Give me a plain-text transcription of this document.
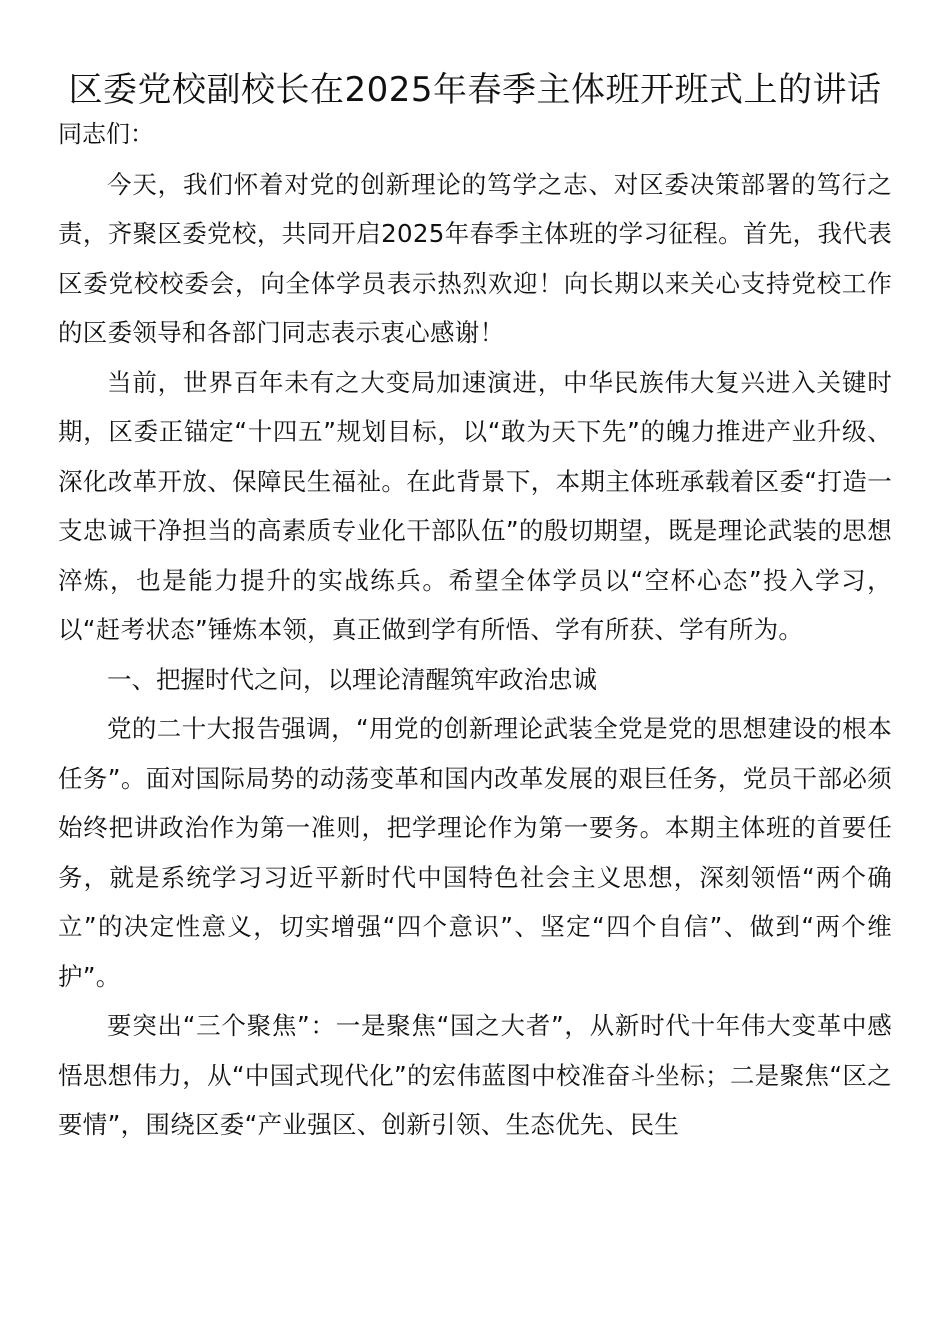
区委党校副校长在2025年春季主体班开班式上的讲话

同志们：

今天，我们怀着对党的创新理论的笃学之志、对区委决策部署的笃行之责，齐聚区委党校，共同开启2025年春季主体班的学习征程。首先，我代表区委党校校委会，向全体学员表示热烈欢迎！向长期以来关心支持党校工作的区委领导和各部门同志表示衷心感谢！

当前，世界百年未有之大变局加速演进，中华民族伟大复兴进入关键时期，区委正锚定“十四五”规划目标，以“敢为天下先”的魄力推进产业升级、深化改革开放、保障民生福祉。在此背景下，本期主体班承载着区委“打造一支忠诚干净担当的高素质专业化干部队伍”的殷切期望，既是理论武装的思想淬炼，也是能力提升的实战练兵。希望全体学员以“空杯心态”投入学习，以“赶考状态”锤炼本领，真正做到学有所悟、学有所获、学有所为。

一、把握时代之问，以理论清醒筑牢政治忠诚

党的二十大报告强调，“用党的创新理论武装全党是党的思想建设的根本任务”。面对国际局势的动荡变革和国内改革发展的艰巨任务，党员干部必须始终把讲政治作为第一准则，把学理论作为第一要务。本期主体班的首要任务，就是系统学习习近平新时代中国特色社会主义思想，深刻领悟“两个确立”的决定性意义，切实增强“四个意识”、坚定“四个自信”、做到“两个维护”。

要突出“三个聚焦”：一是聚焦“国之大者”，从新时代十年伟大变革中感悟思想伟力，从“中国式现代化”的宏伟蓝图中校准奋斗坐标；二是聚焦“区之要情”，围绕区委“产业强区、创新引领、生态优先、民生
